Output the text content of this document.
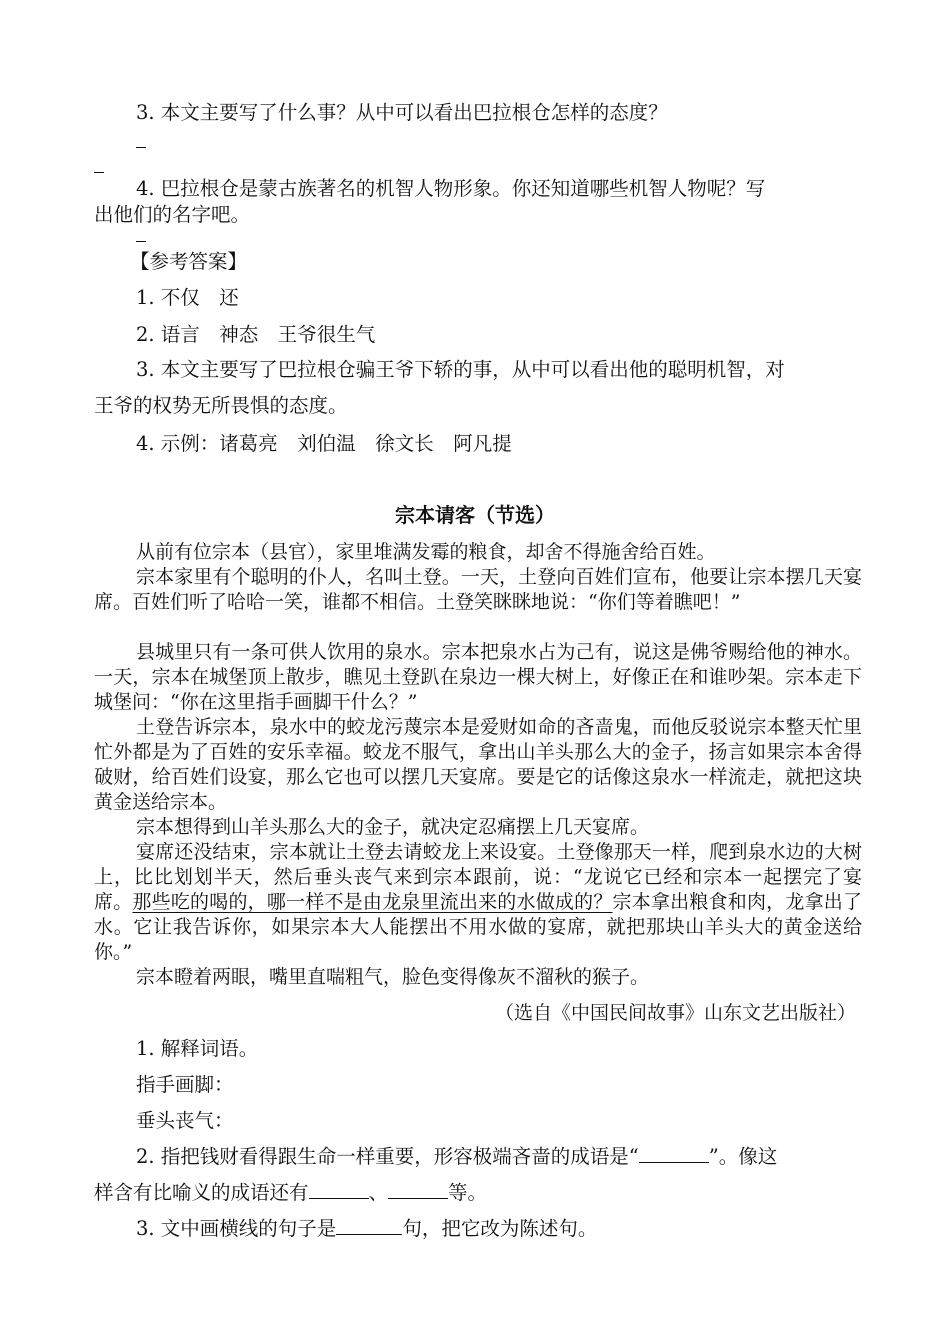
3. 本文主要写了什么事？从中可以看出巴拉根仓怎样的态度？
4. 巴拉根仓是蒙古族著名的机智人物形象。你还知道哪些机智人物呢？写
出他们的名字吧。
【参考答案】
1. 不仅　还
2. 语言　神态　王爷很生气
3. 本文主要写了巴拉根仓骗王爷下轿的事，从中可以看出他的聪明机智，对
王爷的权势无所畏惧的态度。
4. 示例：诸葛亮　刘伯温　徐文长　阿凡提
宗本请客（节选）
从前有位宗本（县官），家里堆满发霉的粮食，却舍不得施舍给百姓。
宗本家里有个聪明的仆人，名叫土登。一天，土登向百姓们宣布，他要让宗本摆几天宴席。百姓们听了哈哈一笑，谁都不相信。土登笑眯眯地说：“你们等着瞧吧！”
县城里只有一条可供人饮用的泉水。宗本把泉水占为己有，说这是佛爷赐给他的神水。一天，宗本在城堡顶上散步，瞧见土登趴在泉边一棵大树上，好像正在和谁吵架。宗本走下城堡问：“你在这里指手画脚干什么？”
土登告诉宗本，泉水中的蛟龙污蔑宗本是爱财如命的吝啬鬼，而他反驳说宗本整天忙里忙外都是为了百姓的安乐幸福。蛟龙不服气，拿出山羊头那么大的金子，扬言如果宗本舍得破财，给百姓们设宴，那么它也可以摆几天宴席。要是它的话像这泉水一样流走，就把这块黄金送给宗本。
宗本想得到山羊头那么大的金子，就决定忍痛摆上几天宴席。
宴席还没结束，宗本就让土登去请蛟龙上来设宴。土登像那天一样，爬到泉水边的大树上，比比划划半天，然后垂头丧气来到宗本跟前，说：“龙说它已经和宗本一起摆完了宴席。那些吃的喝的，哪一样不是由龙泉里流出来的水做成的？宗本拿出粮食和肉，龙拿出了水。它让我告诉你，如果宗本大人能摆出不用水做的宴席，就把那块山羊头大的黄金送给你。”
宗本瞪着两眼，嘴里直喘粗气，脸色变得像灰不溜秋的猴子。
（选自《中国民间故事》山东文艺出版社）
1. 解释词语。
指手画脚：
垂头丧气：
2. 指把钱财看得跟生命一样重要，形容极端吝啬的成语是“	”。像这
样含有比喻义的成语还有	、	等。
3. 文中画横线的句子是	句，把它改为陈述句。
